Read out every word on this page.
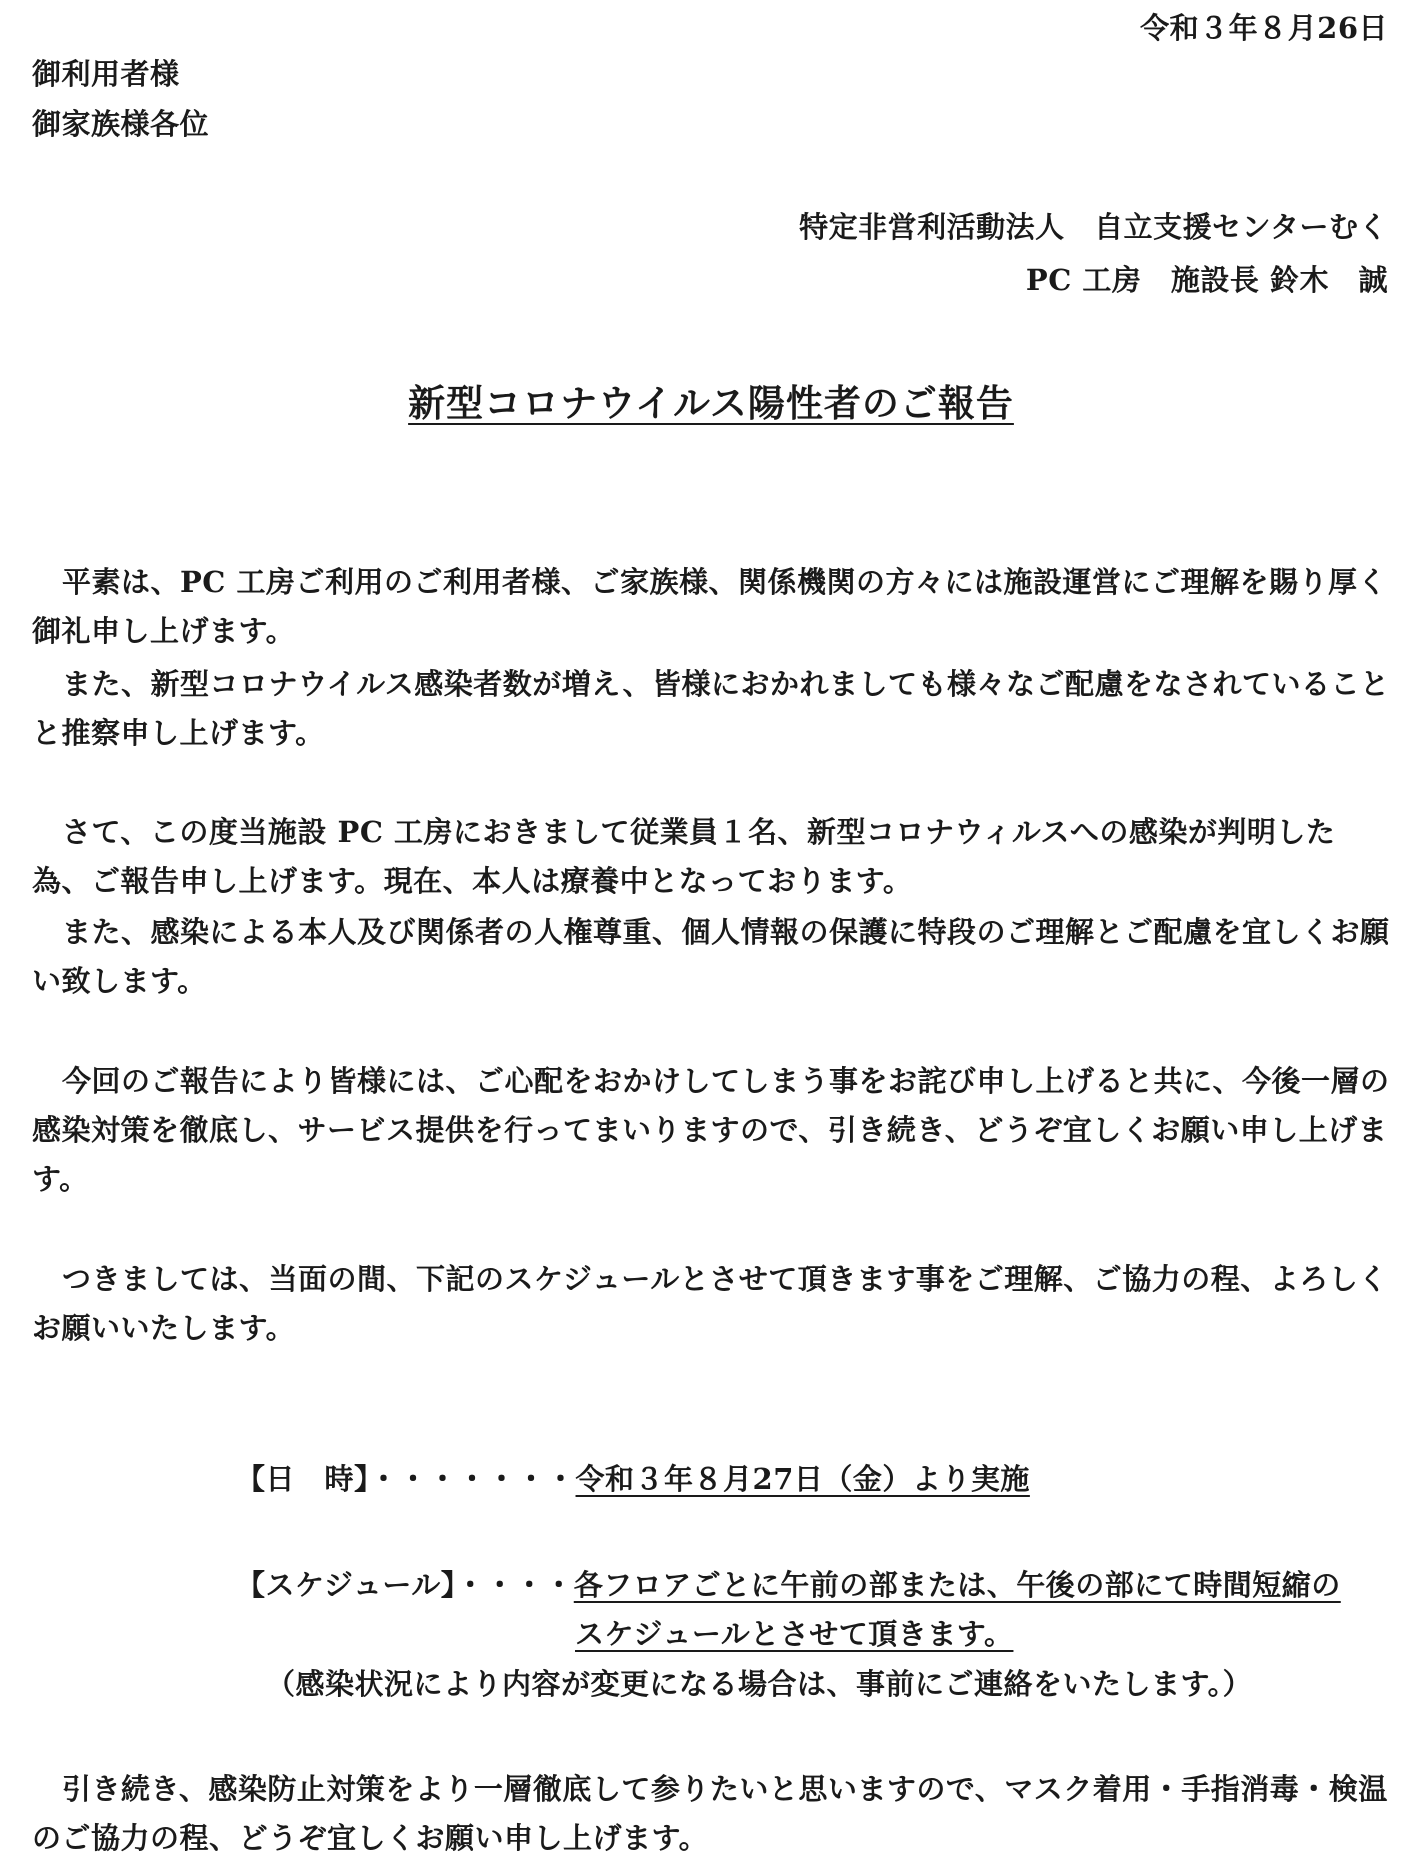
令和３年８月26日
御利用者様
御家族様各位
特定非営利活動法人　自立支援センターむく
PC 工房　施設長 鈴木　誠
新型コロナウイルス陽性者のご報告
平素は、PC 工房ご利用のご利用者様、ご家族様、関係機関の方々には施設運営にご理解を賜り厚く御礼申し上げます。
また、新型コロナウイルス感染者数が増え、皆様におかれましても様々なご配慮をなされていることと推察申し上げます。
さて、この度当施設 PC 工房におきまして従業員１名、新型コロナウィルスへの感染が判明した為、ご報告申し上げます。現在、本人は療養中となっております。
また、感染による本人及び関係者の人権尊重、個人情報の保護に特段のご理解とご配慮を宜しくお願い致します。
今回のご報告により皆様には、ご心配をおかけしてしまう事をお詫び申し上げると共に、今後一層の感染対策を徹底し、サービス提供を行ってまいりますので、引き続き、どうぞ宜しくお願い申し上げます。
つきましては、当面の間、下記のスケジュールとさせて頂きます事をご理解、ご協力の程、よろしくお願いいたします。
【日　時】・・・・・・・令和３年８月27日（金）より実施
【スケジュール】・・・・各フロアごとに午前の部または、午後の部にて時間短縮の
スケジュールとさせて頂きます。
（感染状況により内容が変更になる場合は、事前にご連絡をいたします。）
引き続き、感染防止対策をより一層徹底して参りたいと思いますので、マスク着用・手指消毒・検温のご協力の程、どうぞ宜しくお願い申し上げます。
